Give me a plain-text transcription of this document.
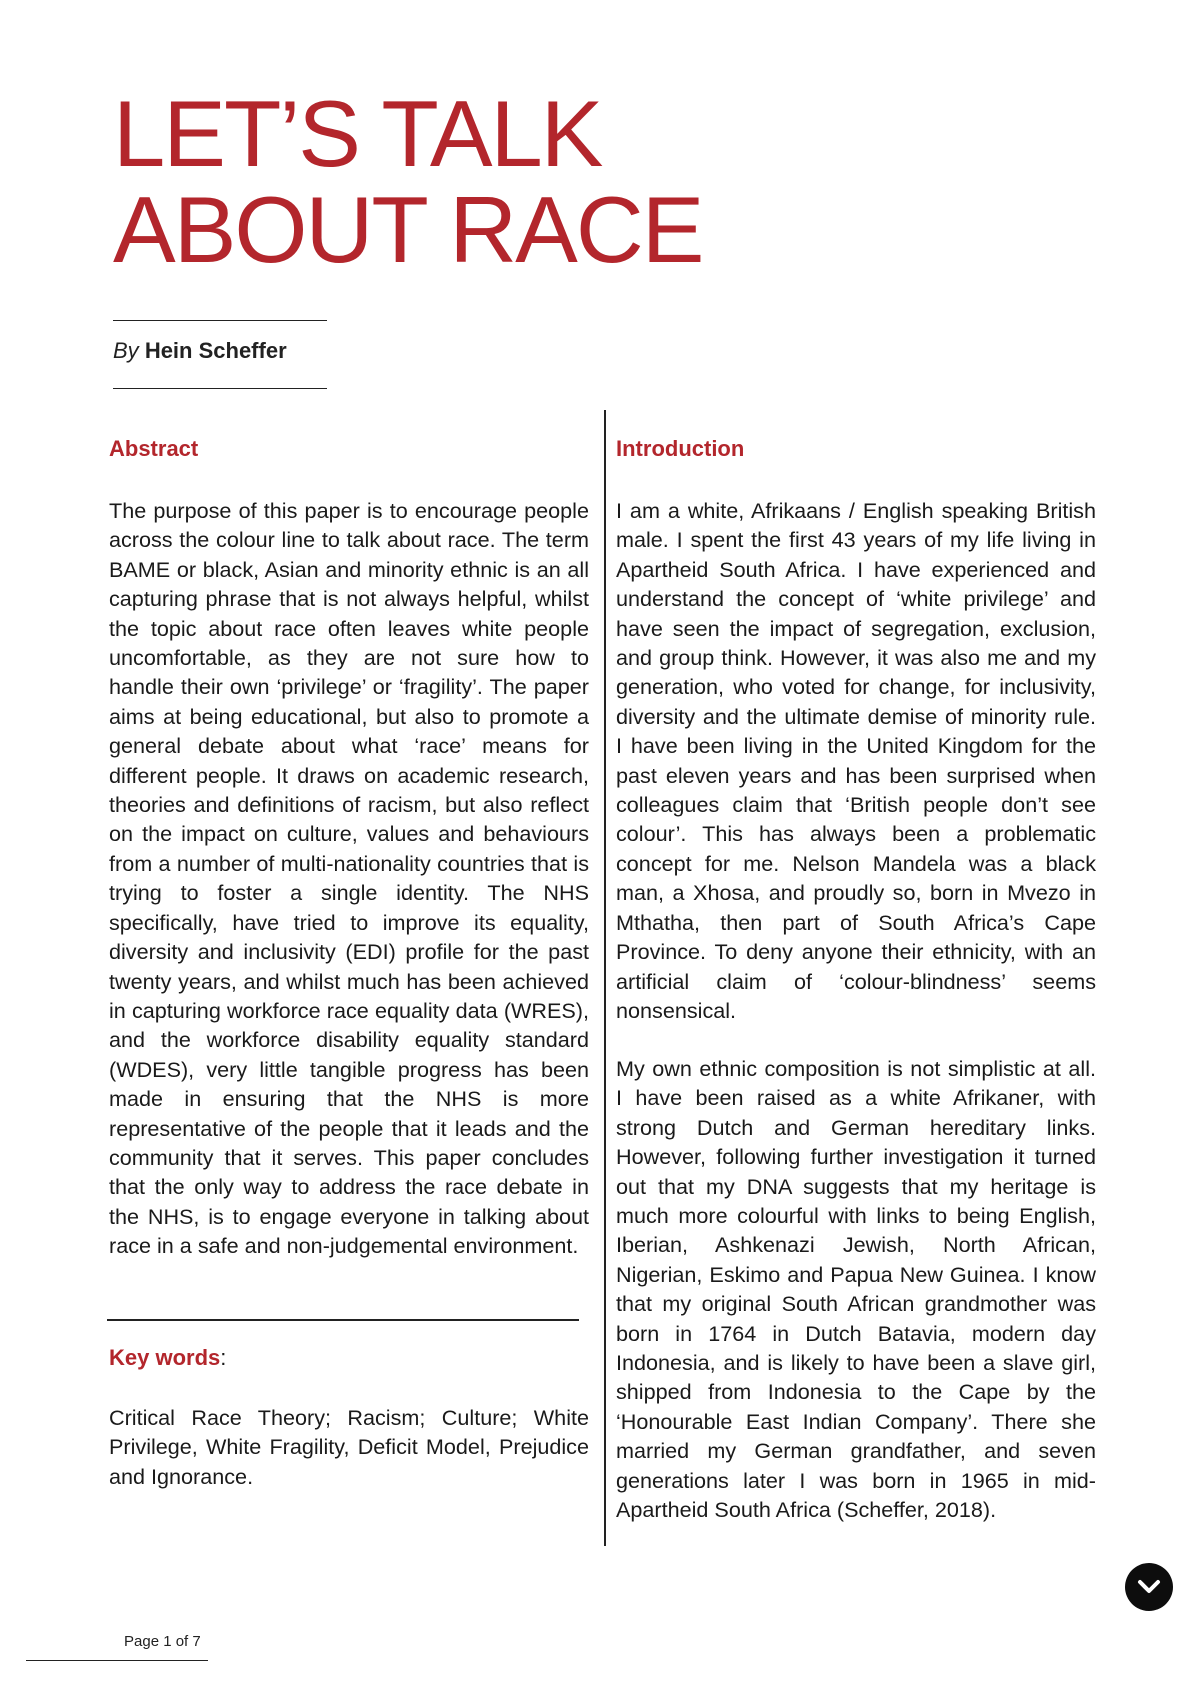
LET’S TALK
ABOUT RACE
By Hein Scheffer
Abstract

The purpose of this paper is to encourage people across the colour line to talk about race. The term BAME or black, Asian and minority ethnic is an all capturing phrase that is not always helpful, whilst the topic about race often leaves white people uncomfortable, as they are not sure how to handle their own ‘privilege’ or ‘fragility’. The paper aims at being educational, but also to promote a general debate about what ‘race’ means for different people. It draws on academic research, theories and definitions of racism, but also reflect on the impact on culture, values and behaviours from a number of multi-nationality countries that is trying to foster a single identity. The NHS specifically, have tried to improve its equality, diversity and inclusivity (EDI) profile for the past twenty years, and whilst much has been achieved in capturing workforce race equality data (WRES), and the workforce disability equality standard (WDES), very little tangible progress has been made in ensuring that the NHS is more representative of the people that it leads and the community that it serves. This paper concludes that the only way to address the race debate in the NHS, is to engage everyone in talking about race in a safe and non-judgemental environment.

Key words:

Critical Race Theory; Racism; Culture; White Privilege, White Fragility, Deficit Model, Prejudice and Ignorance.

Introduction

I am a white, Afrikaans / English speaking British male. I spent the first 43 years of my life living in Apartheid South Africa. I have experienced and understand the concept of ‘white privilege’ and have seen the impact of segregation, exclusion, and group think. However, it was also me and my generation, who voted for change, for inclusivity, diversity and the ultimate demise of minority rule. I have been living in the United Kingdom for the past eleven years and has been surprised when colleagues claim that ‘British people don’t see colour’. This has always been a problematic concept for me. Nelson Mandela was a black man, a Xhosa, and proudly so, born in Mvezo in Mthatha, then part of South Africa’s Cape Province. To deny anyone their ethnicity, with an artificial claim of ‘colour-blindness’ seems nonsensical.

My own ethnic composition is not simplistic at all. I have been raised as a white Afrikaner, with strong Dutch and German hereditary links. However, following further investigation it turned out that my DNA suggests that my heritage is much more colourful with links to being English, Iberian, Ashkenazi Jewish, North African, Nigerian, Eskimo and Papua New Guinea. I know that my original South African grandmother was born in 1764 in Dutch Batavia, modern day Indonesia, and is likely to have been a slave girl, shipped from Indonesia to the Cape by the ‘Honourable East Indian Company’. There she married my German grandfather, and seven generations later I was born in 1965 in mid-Apartheid South Africa (Scheffer, 2018).

Page 1 of 7
